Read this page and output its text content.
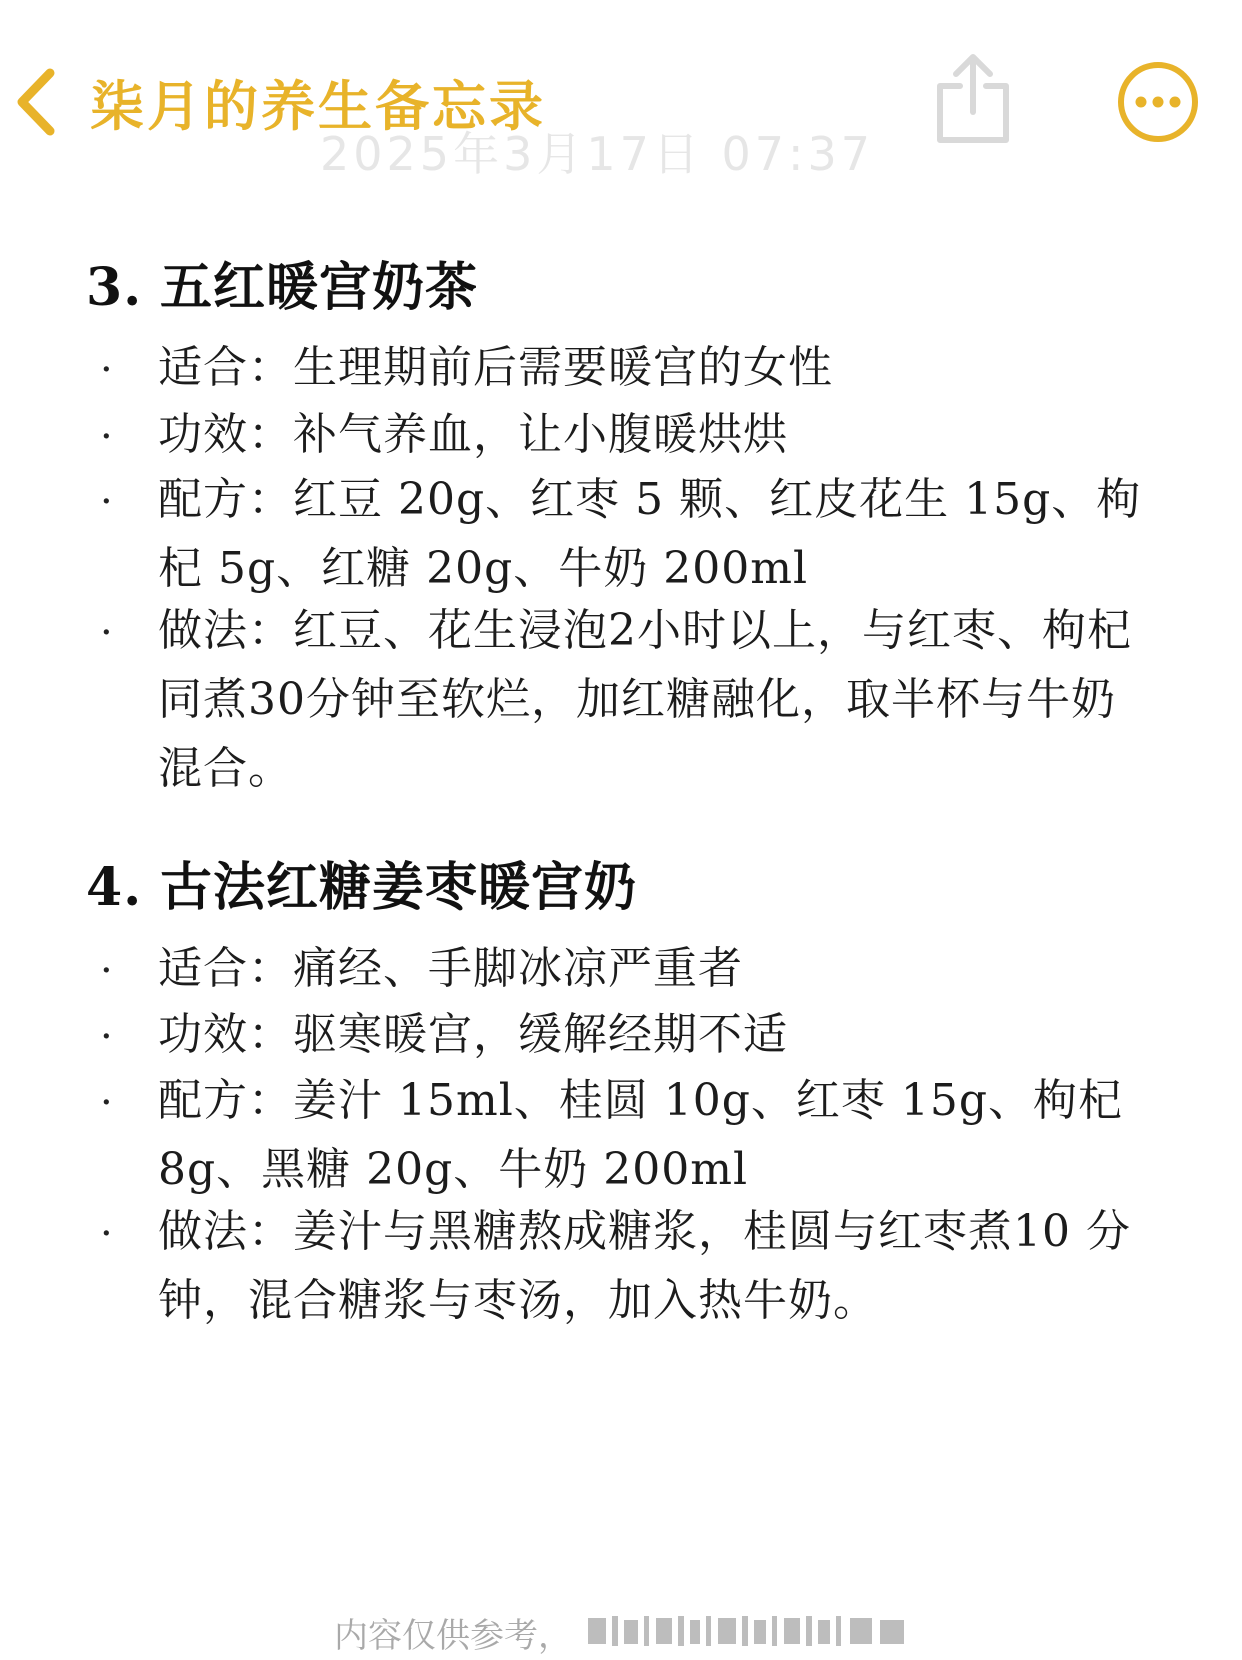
柒月的养生备忘录
2025年3月17日 07:37
3. 五红暖宫奶茶
· 适合：生理期前后需要暖宫的女性
· 功效：补气养血，让小腹暖烘烘
· 配方：红豆 20g、红枣 5 颗、红皮花生 15g、枸杞 5g、红糖 20g、牛奶 200ml
· 做法：红豆、花生浸泡2小时以上，与红枣、枸杞同煮30分钟至软烂，加红糖融化，取半杯与牛奶混合。
4. 古法红糖姜枣暖宫奶
· 适合：痛经、手脚冰凉严重者
· 功效：驱寒暖宫，缓解经期不适
· 配方：姜汁 15ml、桂圆 10g、红枣 15g、枸杞 8g、黑糖 20g、牛奶 200ml
· 做法：姜汁与黑糖熬成糖浆，桂圆与红枣煮10 分钟，混合糖浆与枣汤，加入热牛奶。
内容仅供参考，
